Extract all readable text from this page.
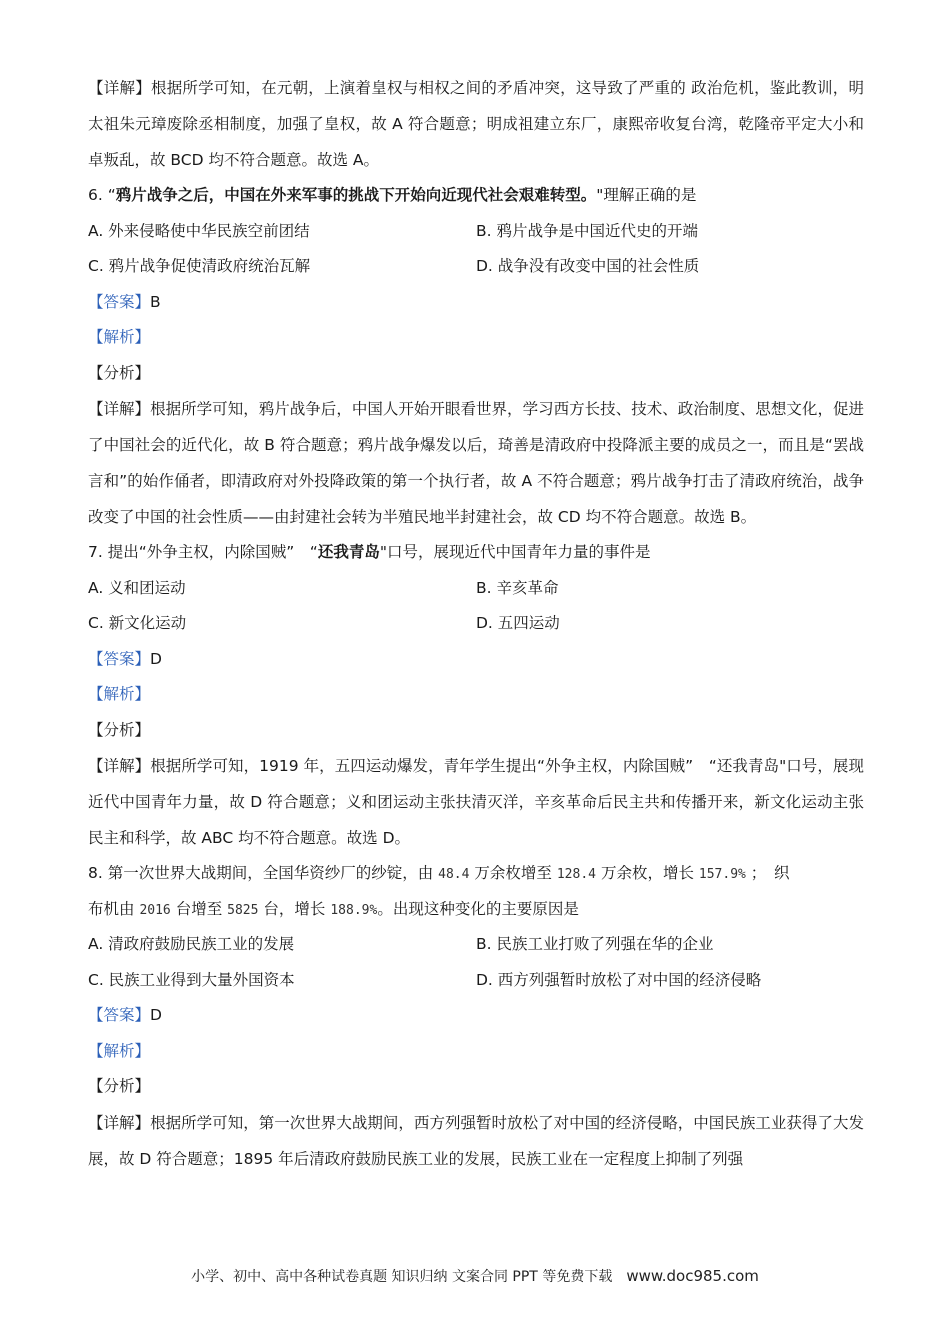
【详解】根据所学可知，在元朝，上演着皇权与相权之间的矛盾冲突，这导致了严重的 政治危机，鉴此教训，明太祖朱元璋废除丞相制度，加强了皇权，故 A 符合题意；明成祖建立东厂，康熙帝收复台湾，乾隆帝平定大小和卓叛乱，故 BCD 均不符合题意。故选 A。

6. “鸦片战争之后，中国在外来军事的挑战下开始向近现代社会艰难转型。"理解正确的是

A. 外来侵略使中华民族空前团结	B. 鸦片战争是中国近代史的开端
C. 鸦片战争促使清政府统治瓦解	D. 战争没有改变中国的社会性质

【答案】B

【解析】

【分析】

【详解】根据所学可知，鸦片战争后，中国人开始开眼看世界，学习西方长技、技术、政治制度、思想文化，促进了中国社会的近代化，故 B 符合题意；鸦片战争爆发以后，琦善是清政府中投降派主要的成员之一，而且是“罢战言和”的始作俑者，即清政府对外投降政策的第一个执行者，故 A 不符合题意；鸦片战争打击了清政府统治，战争改变了中国的社会性质——由封建社会转为半殖民地半封建社会，故 CD 均不符合题意。故选 B。

7. 提出“外争主权，内除国贼”　“还我青岛"口号，展现近代中国青年力量的事件是

A. 义和团运动	B. 辛亥革命
C. 新文化运动	D. 五四运动

【答案】D

【解析】

【分析】

【详解】根据所学可知，1919 年，五四运动爆发，青年学生提出“外争主权，内除国贼”　“还我青岛"口号，展现近代中国青年力量，故 D 符合题意；义和团运动主张扶清灭洋，辛亥革命后民主共和传播开来，新文化运动主张民主和科学，故 ABC 均不符合题意。故选 D。

8. 第一次世界大战期间，全国华资纱厂的纱锭，由 48.4 万余枚增至 128.4 万余枚，增长 157.9% ；　织

布机由 2016 台增至 5825 台，增长 188.9%。出现这种变化的主要原因是

A. 清政府鼓励民族工业的发展	B. 民族工业打败了列强在华的企业
C. 民族工业得到大量外国资本	D. 西方列强暂时放松了对中国的经济侵略

【答案】D

【解析】

【分析】

【详解】根据所学可知，第一次世界大战期间，西方列强暂时放松了对中国的经济侵略，中国民族工业获得了大发展，故 D 符合题意；1895 年后清政府鼓励民族工业的发展，民族工业在一定程度上抑制了列强

小学、初中、高中各种试卷真题 知识归纳 文案合同 PPT 等免费下载 www.doc985.com
